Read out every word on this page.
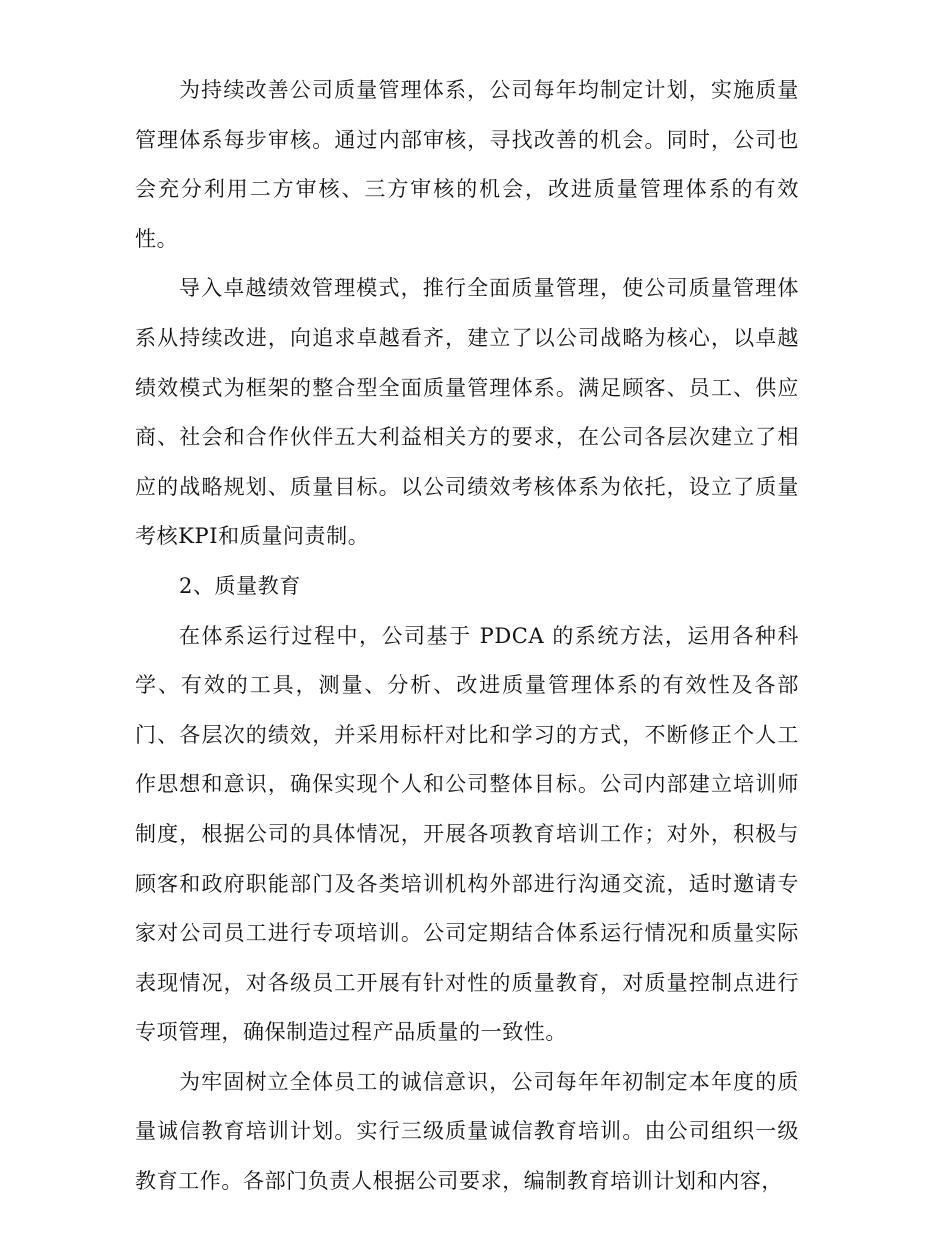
为持续改善公司质量管理体系，公司每年均制定计划，实施质量管理体系每步审核。通过内部审核，寻找改善的机会。同时，公司也会充分利用二方审核、三方审核的机会，改进质量管理体系的有效性。

导入卓越绩效管理模式，推行全面质量管理，使公司质量管理体系从持续改进，向追求卓越看齐，建立了以公司战略为核心，以卓越绩效模式为框架的整合型全面质量管理体系。满足顾客、员工、供应商、社会和合作伙伴五大利益相关方的要求，在公司各层次建立了相应的战略规划、质量目标。以公司绩效考核体系为依托，设立了质量考核KPI和质量问责制。

2、质量教育

在体系运行过程中，公司基于 PDCA 的系统方法，运用各种科学、有效的工具，测量、分析、改进质量管理体系的有效性及各部门、各层次的绩效，并采用标杆对比和学习的方式，不断修正个人工作思想和意识，确保实现个人和公司整体目标。公司内部建立培训师制度，根据公司的具体情况，开展各项教育培训工作；对外，积极与顾客和政府职能部门及各类培训机构外部进行沟通交流，适时邀请专家对公司员工进行专项培训。公司定期结合体系运行情况和质量实际表现情况，对各级员工开展有针对性的质量教育，对质量控制点进行专项管理，确保制造过程产品质量的一致性。

为牢固树立全体员工的诚信意识，公司每年年初制定本年度的质量诚信教育培训计划。实行三级质量诚信教育培训。由公司组织一级教育工作。各部门负责人根据公司要求，编制教育培训计划和内容，
